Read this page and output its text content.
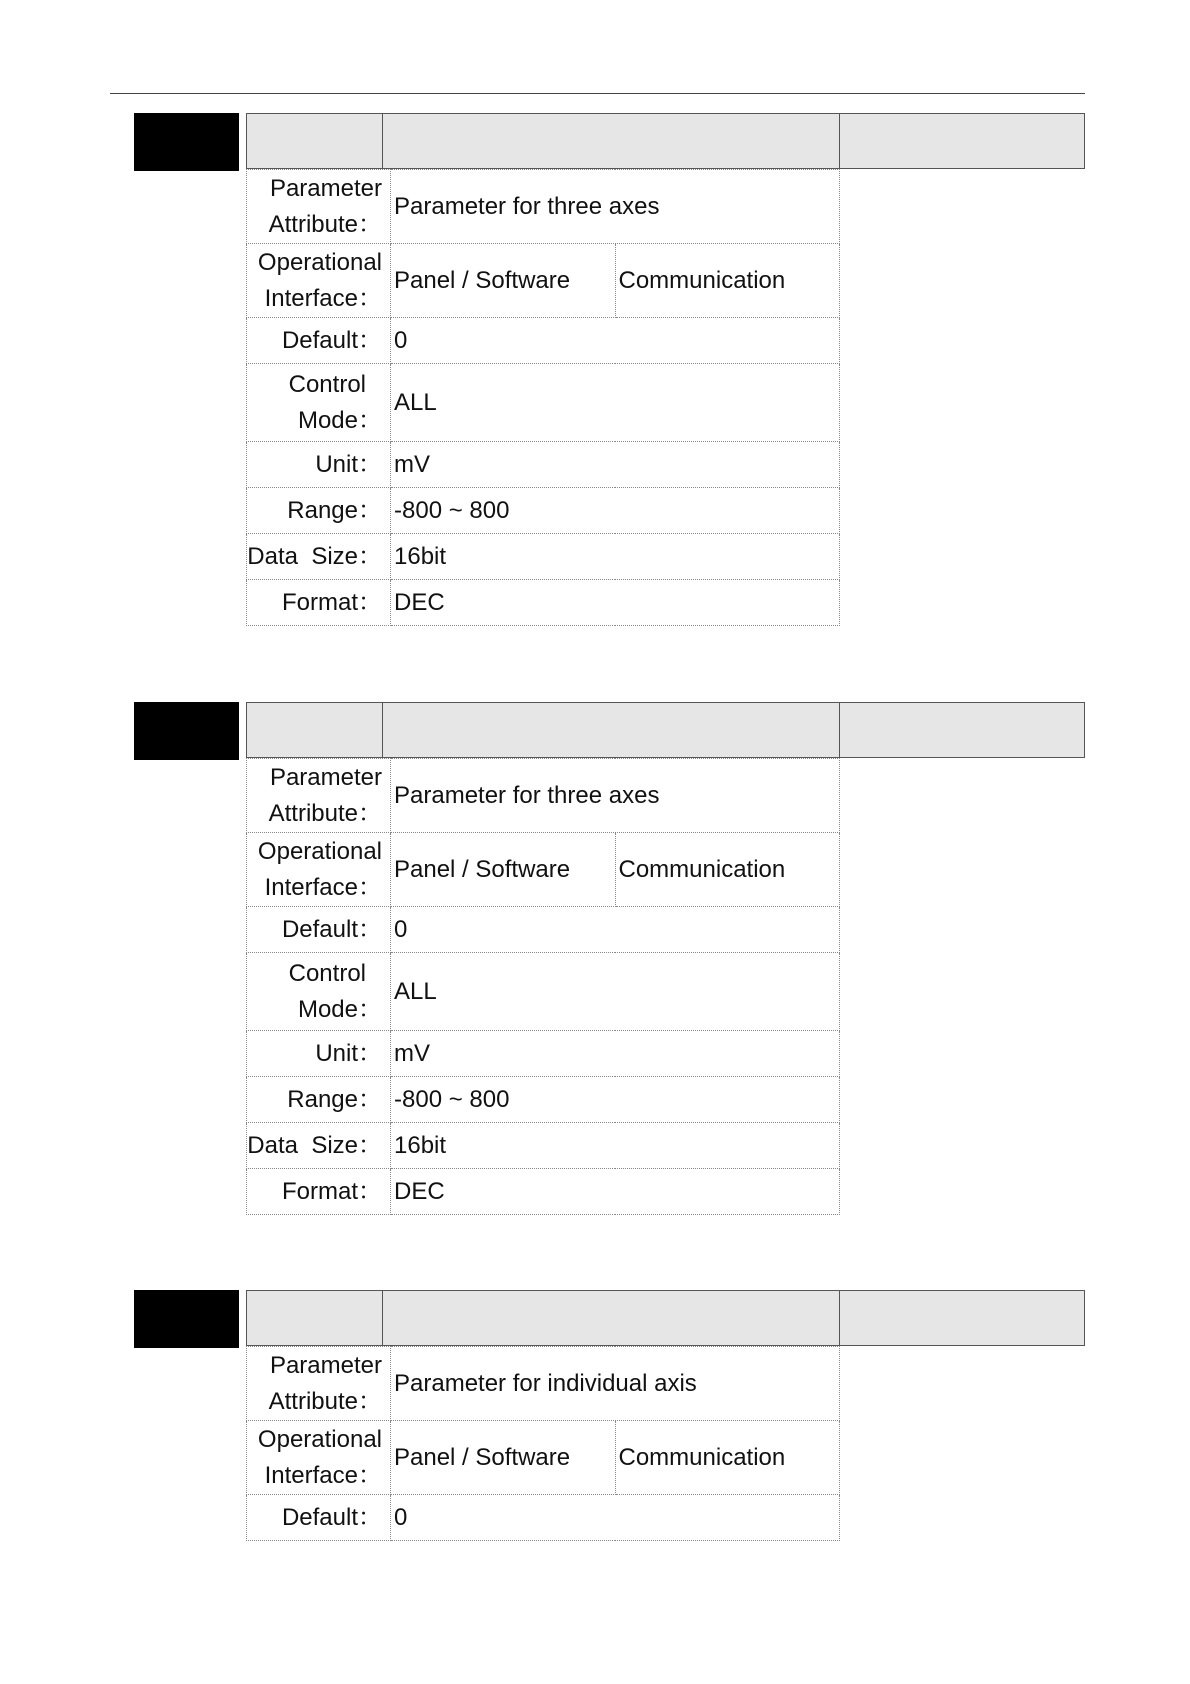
Parameter
Attribute：	Parameter for three axes	
Operational
Interface：	Panel / Software	Communication
Default：	0	
Control
Mode：	ALL	
Unit：	mV	
Range：	-800 ~ 800	
Data  Size：	16bit	
Format：	DEC	
Parameter
Attribute：	Parameter for three axes	
Operational
Interface：	Panel / Software	Communication
Default：	0	
Control
Mode：	ALL	
Unit：	mV	
Range：	-800 ~ 800	
Data  Size：	16bit	
Format：	DEC	
Parameter
Attribute：	Parameter for individual axis	
Operational
Interface：	Panel / Software	Communication
Default：	0	
